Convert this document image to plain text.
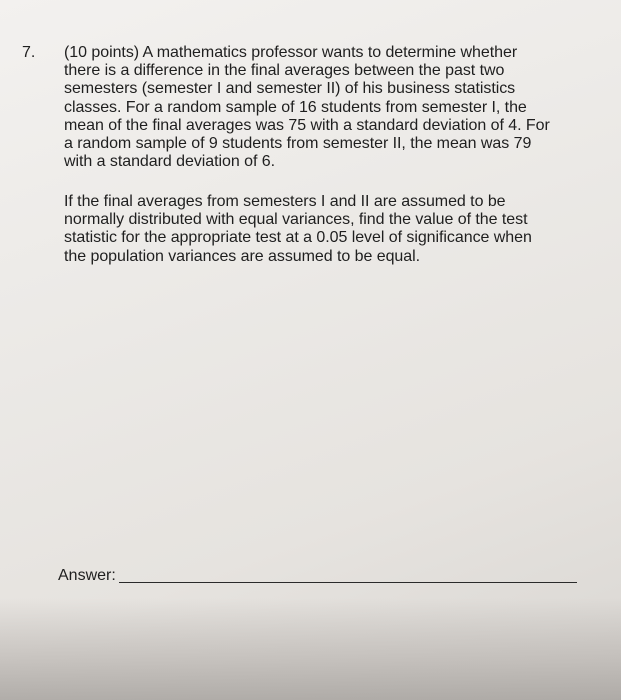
7. (10 points) A mathematics professor wants to determine whether
there is a difference in the final averages between the past two
semesters (semester I and semester II) of his business statistics
classes. For a random sample of 16 students from semester I, the
mean of the final averages was 75 with a standard deviation of 4. For
a random sample of 9 students from semester II, the mean was 79
with a standard deviation of 6.
If the final averages from semesters I and II are assumed to be
normally distributed with equal variances, find the value of the test
statistic for the appropriate test at a 0.05 level of significance when
the population variances are assumed to be equal.
Answer:
